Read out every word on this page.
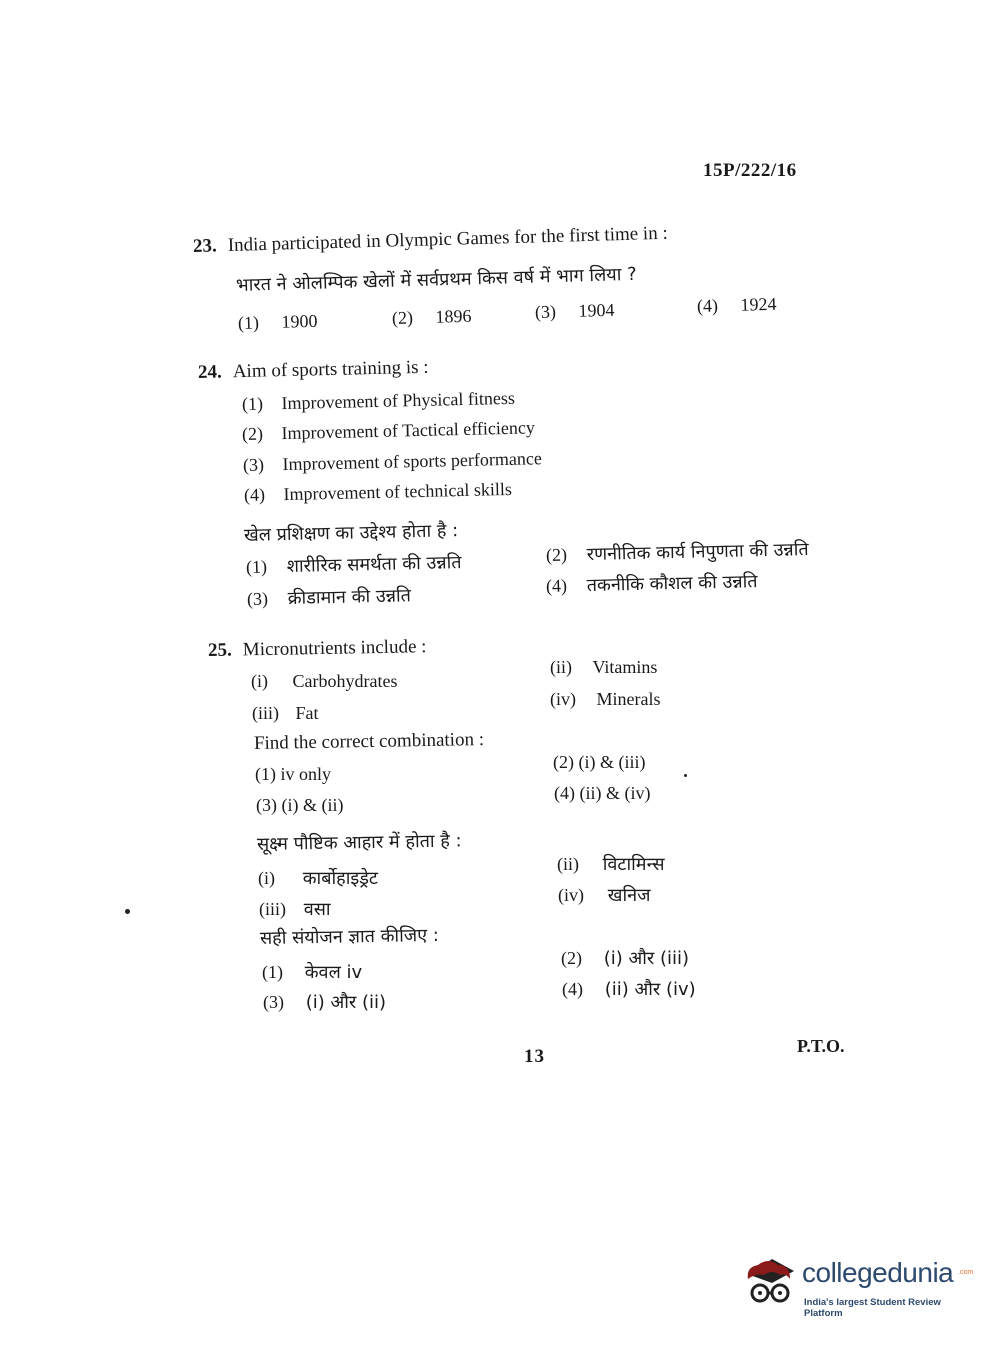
15P/222/16
23. India participated in Olympic Games for the first time in :
भारत ने ओलम्पिक खेलों में सर्वप्रथम किस वर्ष में भाग लिया ?
(1) 1900	(2) 1896	(3) 1904	(4) 1924
24. Aim of sports training is :
(1) Improvement of Physical fitness
(2) Improvement of Tactical efficiency
(3) Improvement of sports performance
(4) Improvement of technical skills
खेल प्रशिक्षण का उद्देश्य होता है :
(1) शारीरिक समर्थता की उन्नति	(2) रणनीतिक कार्य निपुणता की उन्नति
(3) क्रीडामान की उन्नति	(4) तकनीकि कौशल की उन्नति
25. Micronutrients include :
(i) Carbohydrates
(ii) Vitamins
(iii) Fat
(iv) Minerals
Find the correct combination :
(1) iv only
(2) (i) & (iii)
(3) (i) & (ii)
(4) (ii) & (iv)
सूक्ष्म पौष्टिक आहार में होता है :
(i) कार्बोहाइड्रेट
(ii) विटामिन्स
(iii) वसा
(iv) खनिज
सही संयोजन ज्ञात कीजिए :
(1) केवल iv
(2) (i) और (iii)
(3) (i) और (ii)
(4) (ii) और (iv)
13	P.T.O.
collegedunia .com
India's largest Student Review Platform
